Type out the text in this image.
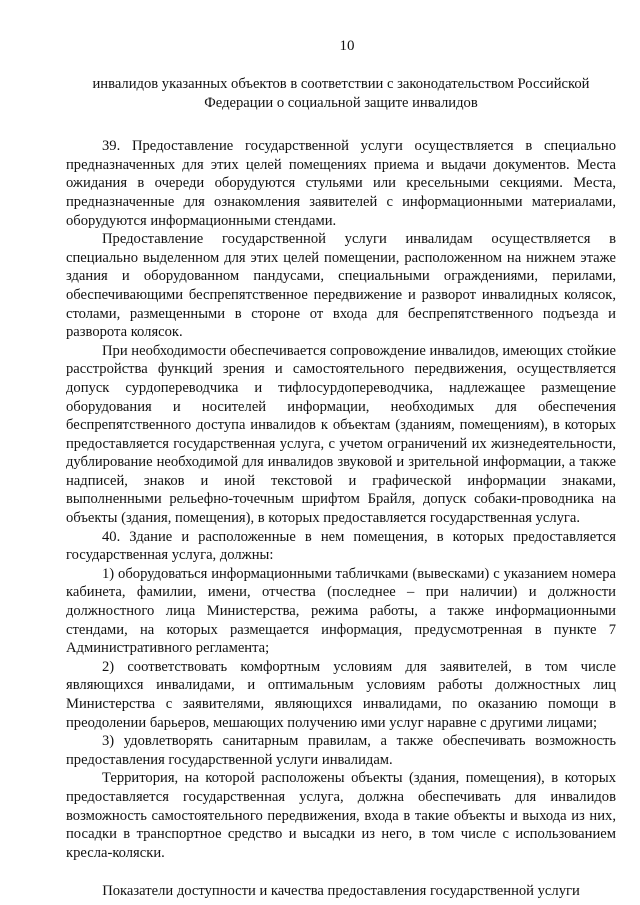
10
инвалидов указанных объектов в соответствии с законодательством Российской
Федерации о социальной защите инвалидов

39. Предоставление государственной услуги осуществляется в специально предназначенных для этих целей помещениях приема и выдачи документов. Места ожидания в очереди оборудуются стульями или кресельными секциями. Места, предназначенные для ознакомления заявителей с информационными материалами, оборудуются информационными стендами.

Предоставление государственной услуги инвалидам осуществляется в специально выделенном для этих целей помещении, расположенном на нижнем этаже здания и оборудованном пандусами, специальными ограждениями, перилами, обеспечивающими беспрепятственное передвижение и разворот инвалидных колясок, столами, размещенными в стороне от входа для беспрепятственного подъезда и разворота колясок.

При необходимости обеспечивается сопровождение инвалидов, имеющих стойкие расстройства функций зрения и самостоятельного передвижения, осуществляется допуск сурдопереводчика и тифлосурдопереводчика, надлежащее размещение оборудования и носителей информации, необходимых для обеспечения беспрепятственного доступа инвалидов к объектам (зданиям, помещениям), в которых предоставляется государственная услуга, с учетом ограничений их жизнедеятельности, дублирование необходимой для инвалидов звуковой и зрительной информации, а также надписей, знаков и иной текстовой и графической информации знаками, выполненными рельефно-точечным шрифтом Брайля, допуск собаки-проводника на объекты (здания, помещения), в которых предоставляется государственная услуга.

40. Здание и расположенные в нем помещения, в которых предоставляется государственная услуга, должны:

1) оборудоваться информационными табличками (вывесками) с указанием номера кабинета, фамилии, имени, отчества (последнее – при наличии) и должности должностного лица Министерства, режима работы, а также информационными стендами, на которых размещается информация, предусмотренная в пункте 7 Административного регламента;

2) соответствовать комфортным условиям для заявителей, в том числе являющихся инвалидами, и оптимальным условиям работы должностных лиц Министерства с заявителями, являющихся инвалидами, по оказанию помощи в преодолении барьеров, мешающих получению ими услуг наравне с другими лицами;

3) удовлетворять санитарным правилам, а также обеспечивать возможность предоставления государственной услуги инвалидам.

Территория, на которой расположены объекты (здания, помещения), в которых предоставляется государственная услуга, должна обеспечивать для инвалидов возможность самостоятельного передвижения, входа в такие объекты и выхода из них, посадки в транспортное средство и высадки из него, в том числе с использованием кресла-коляски.

Показатели доступности и качества предоставления государственной услуги
